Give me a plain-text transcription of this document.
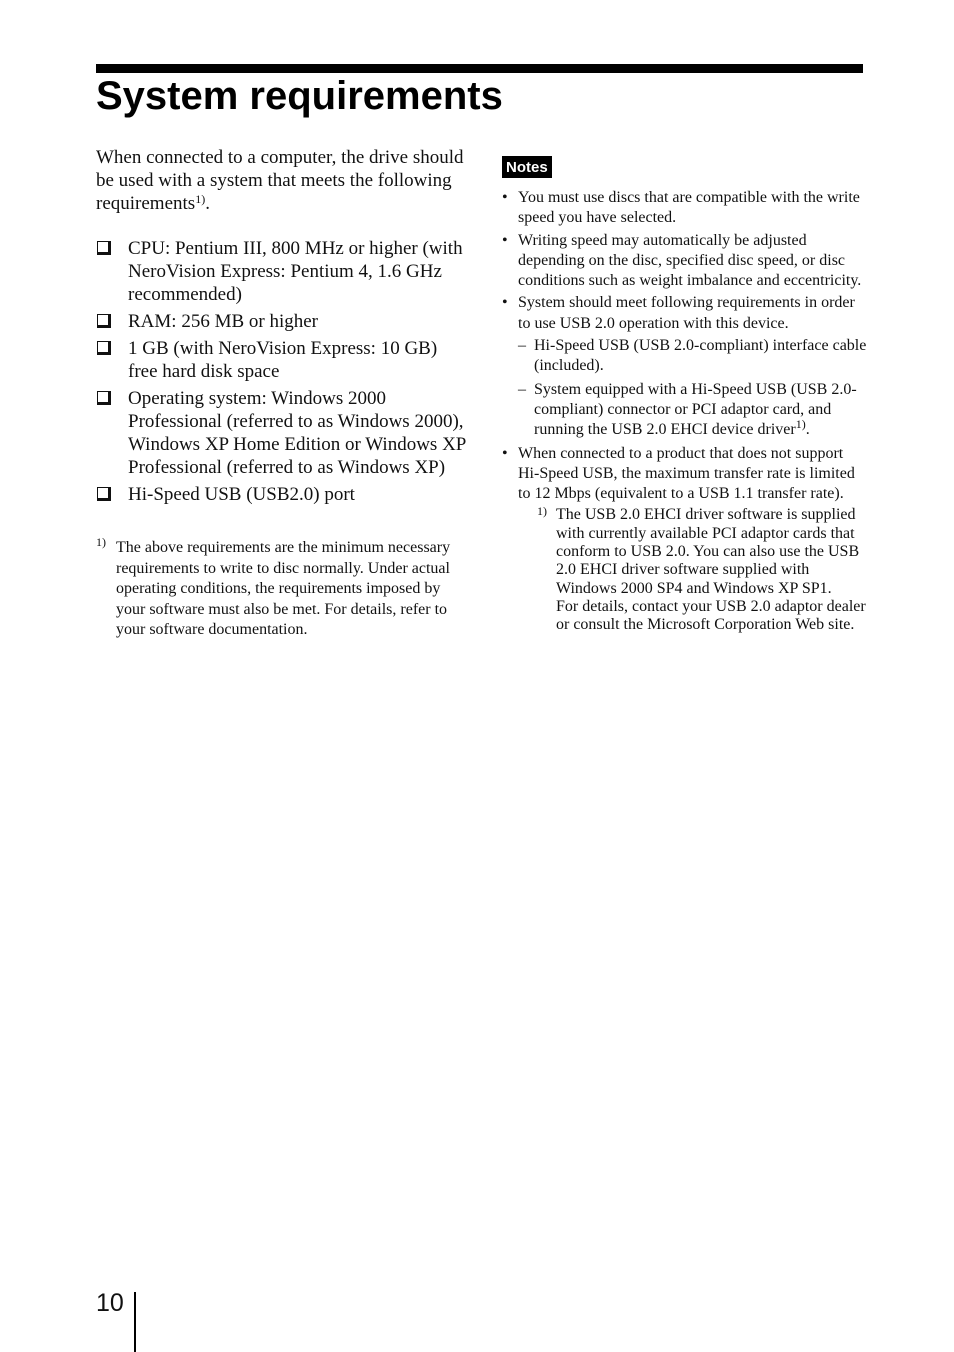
System requirements

When connected to a computer, the drive should be used with a system that meets the following requirements$^{1)}$.

CPU: Pentium III, 800 MHz or higher (with NeroVision Express: Pentium 4, 1.6 GHz recommended)
RAM: 256 MB or higher
1 GB (with NeroVision Express: 10 GB) free hard disk space
Operating system: Windows 2000 Professional (referred to as Windows 2000), Windows XP Home Edition or Windows XP Professional (referred to as Windows XP)
Hi-Speed USB (USB2.0) port
1) The above requirements are the minimum necessary requirements to write to disc normally. Under actual operating conditions, the requirements imposed by your software must also be met. For details, refer to your software documentation.
Notes
• You must use discs that are compatible with the write speed you have selected.
• Writing speed may automatically be adjusted depending on the disc, specified disc speed, or disc conditions such as weight imbalance and eccentricity.
• System should meet following requirements in order to use USB 2.0 operation with this device.
– Hi-Speed USB (USB 2.0-compliant) interface cable (included).
– System equipped with a Hi-Speed USB (USB 2.0-compliant) connector or PCI adaptor card, and running the USB 2.0 EHCI device driver$^{1)}$.
• When connected to a product that does not support Hi-Speed USB, the maximum transfer rate is limited to 12 Mbps (equivalent to a USB 1.1 transfer rate).
1) The USB 2.0 EHCI driver software is supplied with currently available PCI adaptor cards that conform to USB 2.0. You can also use the USB 2.0 EHCI driver software supplied with Windows 2000 SP4 and Windows XP SP1.

For details, contact your USB 2.0 adaptor dealer or consult the Microsoft Corporation Web site.

10
